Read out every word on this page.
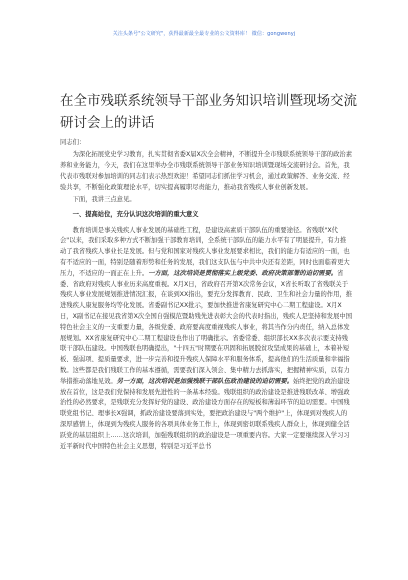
关注头条号"公文研究"，获得最新最全最专业的公文资料库！ 微信：gongwenyj
在全市残联系统领导干部业务知识培训暨现场交流研讨会上的讲话

同志们：

为深化拓展党史学习教育，扎实贯彻省委X届X次全会精神，不断提升全市残联系统领导干部的政治素养和业务能力，今天，我们在这里举办全市残联系统领导干部业务知识培训暨现场交流研讨会。首先，我代表市残联对参加培训的同志们表示热烈欢迎！希望同志们抓住学习机会，通过政策解答、业务交流、经验共享，不断强化政策理论水平，切实提高履职尽责能力，推动我省残疾人事业创新发展。

下面，我讲三点意见。

一、提高站位，充分认识这次培训的重大意义

教育培训是事关残疾人事业发展的基础性工程，是建设高素质干部队伍的重要途径。省残联"X代会"以来，我们采取多种方式不断加强干部教育培训，全系统干部队伍的能力水平有了明显提升，有力推动了我省残疾人事业长足发展。但与党和国家对残疾人事业发展要求相比，我们的能力有适应的一面，也有不适应的一面，特别是随着形势和任务的发展，我们这支队伍与中共中央还有差距，同时也面临着更大压力，不适应的一面正在上升。一方面，这次培训是贯彻落实上级党委、政府决策部署的迫切需要。省委、省政府对残疾人事业历来高度重视。X月X日，省政府召开第X次常务会议，X省长听取了省残联关于残疾人事业发展规划推进情况汇报，在谈到XX指出，要充分发挥教育、民政、卫生和社会力量的作用，推进残疾人康复服务均等化发展。省委副书记XX批示，要加快推进省康复研究中心二期工程建设。X月X日，X副书记在接见我省第X次全国自强模范暨助残先进表彰大会的代表时指出，残疾人是坚持和发展中国特色社会主义的一支重要力量，各级党委、政府要高度重视残疾人事业，将其当作分内责任，纳入总体发展规划。XX省康复研究中心二期工程建设也作出了明确批示。省委常委、组织部长XX多次表示要支持残联干部队伍建设。中国残联也明确提出，"十四五"时期要在巩固和拓展脱贫攻坚成果的基础上，本着补短板、强弱项、提质量要求，进一步完善和提升残疾人保障水平和服务体系，提高他们的生活质量和幸福指数。这些都是我们残联工作的基本遵循，需要我们深入领会、集中精力去抓落实，把握精神实质，以有力举措推动落地见效。另一方面，这次培训是加强残联干部队伍政治建设的迫切需要。始终把党的政治建设放在首位，这是我们党保持和发展先进性的一条基本经验。残联组织的政治建设是推进残联改革、增强政治性的必然要求，是残联充分发挥好党的建设、政治建设方面存在的短板和薄弱环节的迫切需要。中国残联党组书记、理事长X强调，抓政治建设要落到实处，要把政治建设与"两个维护"上，体现到对残疾人的深厚感情上，体现到为残疾人服务的各项具体业务工作上，体现到密切联系残疾人群众上，体现到健全活跃党的基层组织上……这次培训，加强残联组织的政治建设是一项重要内容。大家一定要继续深入学习习近平新时代中国特色社会主义思想，特别是习近平总书
